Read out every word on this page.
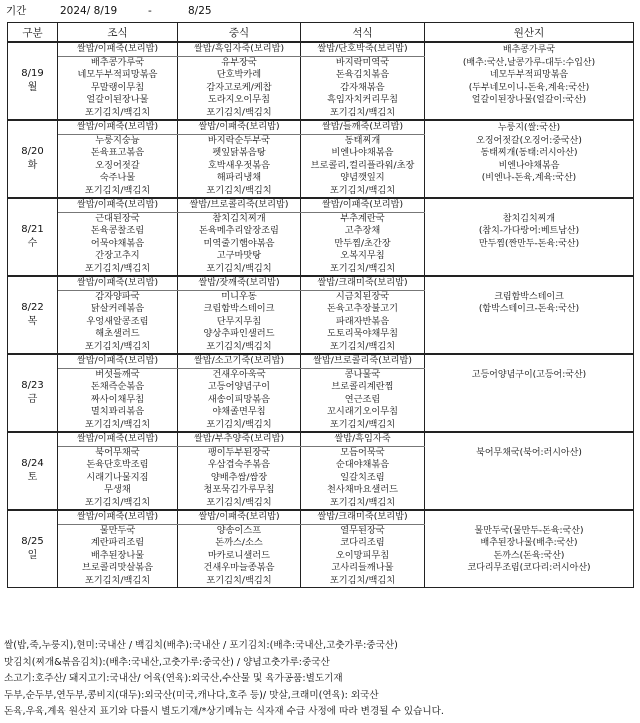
기간	2024/ 8/19	-	8/25
구분	조식	중식	석식	원산지

8/19
월	쌀밥/이패죽(보리밥)	쌀밥/흑임자죽(보리밥)	쌀밥/단호박죽(보리밥)	배추콩가루국
	배추콩가루국	유부장국	바지락미역국	(배추:국산,날콩가루-대두:수입산)
	네모두부적피망볶음	단호박카레	돈육김치볶음	네모두부적피망볶음
	무말랭이무침	감자고로케/케찹	감자채볶음	(두부네모이니-돈육,계육:국산)
	얼갈이된장나물	도라지오이무침	흑임자치커리무침	얼갈이된장나물(얼갈이:국산)
	포기김치/백김치	포기김치/백김치	포기김치/백김치	

8/20
화	쌀밥/이패죽(보리밥)	쌀밥/이패죽(보리밥)	쌀밥/들깨죽(보리밥)	누룽지(쌀:국산)
	누룽지숭늉	바지락순두부국	동태찌개	오징어젓갈(오징어:중국산)
	돈육표고볶음	펫잎닭볶음탕	비엔나야채볶음	동태찌개(동태:러시아산)
	오징어젓갈	호박새우젓볶음	브로콜리,컬리플라워/초장	비엔나야채볶음
	숙주나물	해파리냉채	양념깻잎지	(비엔나-돈육,계육:국산)
	포기김치/백김치	포기김치/백김치	포기김치/백김치	

8/21
수	쌀밥/이패죽(보리밥)	쌀밥/브로콜리죽(보리밥)	쌀밥/이패죽(보리밥)	
	근대된장국	참치김치찌개	부추계란국	참치김치찌개
	돈육콩찰조림	돈육메추리알장조림	고추장채	(참치-가다랑어:베트남산)
	어묵야채볶음	미역줄기햄야볶음	만두찜/초간장	만두찜(짠만두-돈육:국산)
	간장고추지	고구마맛탕	오복지무침	
	포기김치/백김치	포기김치/백김치	포기김치/백김치	

8/22
목	쌀밥/이패죽(보리밥)	쌀밥/잣깨죽(보리밥)	쌀밥/크래미죽(보리밥)	
	감자양파국	미니우동	시금치된장국	크림함박스테이크
	닭살커레볶음	크림함박스테이크	돈육고추장불고기	(함박스테이크-돈육:국산)
	우엉새알콩조림	단무지무침	파래자반볶음	
	해초샐러드	양상추파인샐러드	도토리묵야채무침	
	포기김치/백김치	포기김치/백김치	포기김치/백김치	

8/23
금	쌀밥/이패죽(보리밥)	쌀밥/소고기죽(보리밥)	쌀밥/브로콜리죽(보리밥)	
	버섯들깨국	건새우아욱국	콩나물국	고등어양념구이(고등어:국산)
	돈채즉순볶음	고등어양념구이	브로콜리계란찜	
	짜사이채무침	새송이피망볶음	연근조림	
	멸치꽈리볶음	야채졸면무침	꼬시래기오이무침	
	포기김치/백김치	포기김치/백김치	포기김치/백김치	

8/24
토	쌀밥/이패죽(보리밥)	쌀밥/부추양죽(보리밥)	쌀밥/흑임자죽	
	북어무채국	팽이두부된장국	모듬어묵국	북어무채국(북어:러시아산)
	돈육단호박조림	우삼겹숙주볶음	순대야채볶음	
	시래기나물지짐	양배추쌈/쌈장	일갈치조림	
	무생채	청포묵김가루무침	천사채마요샐러드	
	포기김치/백김치	포기김치/백김치	포기김치/백김치	

8/25
일	쌀밥/이패죽(보리밥)	쌀밥/이패죽(보리밥)	쌀밥/크래미죽(보리밥)	
	물만두국	양송이스프	열무된장국	물만두국(물만두-돈육:국산)
	계란파리조림	돈까스/소스	코다리조림	배추된장나물(배추:국산)
	배추된장나물	마카로니샐러드	오이망피무침	돈까스(돈육:국산)
	브로콜리맛살볶음	건새우마늘종볶음	고사리들깨나물	코다리무조림(코다리:러시아산)
	포기김치/백김치	포기김치/백김치	포기김치/백김치	
쌀(밥,죽,누룽지),현미:국내산 / 백김치(배추):국내산 / 포기김치:(배추:국내산,고춧가루:중국산)
맛김치(찌개&볶음김치):(배추:국내산,고춧가루:중국산) / 양념고춧가루:중국산
소고기:호주산/ 돼지고기:국내산/ 어육(연육):외국산,수산물 및 육가공품:별도기재
두부,순두부,연두부,콩비지(대두):외국산(미국,캐나다,호주 등)/ 맛살,크래미(연육): 외국산
돈육,우육,계육 원산지 표기와 다를시 별도기재/*상기메뉴는 식자재 수급 사정에 따라 변경될 수 있습니다.
